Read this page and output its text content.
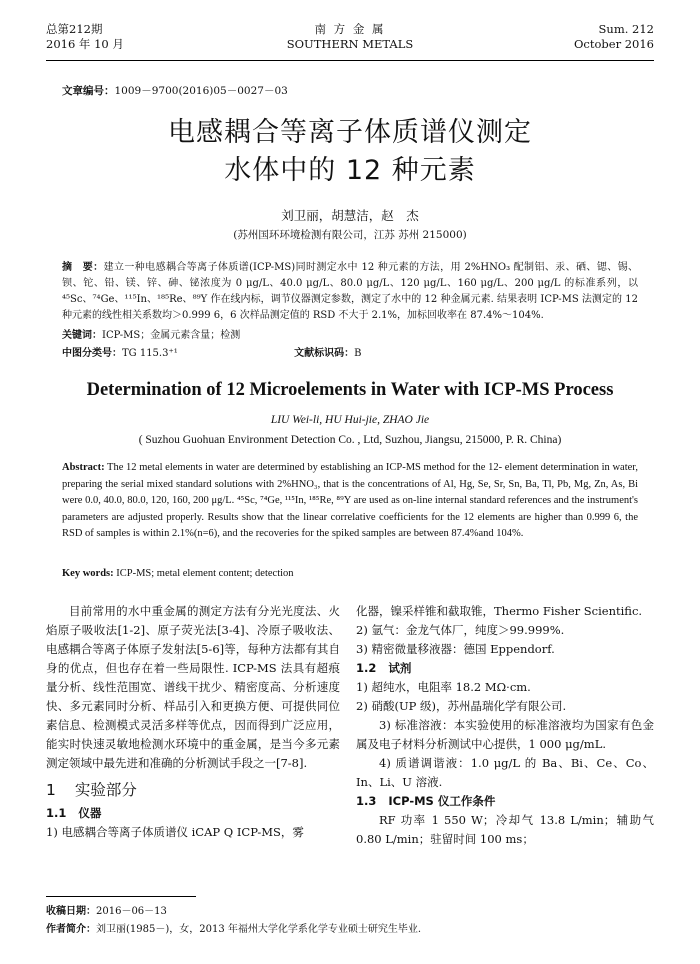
总第212期
2016 年 10 月
南 方 金 属
SOUTHERN METALS
Sum. 212
October 2016
文章编号：1009－9700(2016)05－0027－03
电感耦合等离子体质谱仪测定
水体中的 12 种元素
刘卫丽，胡慧洁，赵　杰
(苏州国环环境检测有限公司，江苏 苏州 215000)
摘　要：建立一种电感耦合等离子体质谱(ICP-MS)同时测定水中 12 种元素的方法，用 2%HNO₃ 配制铝、汞、硒、锶、锡、钡、铊、铅、镁、锌、砷、铋浓度为 0 μg/L、40.0 μg/L、80.0 μg/L、120 μg/L、160 μg/L、200 μg/L 的标准系列，以⁴⁵Sc、⁷⁴Ge、¹¹⁵In、¹⁸⁵Re、⁸⁹Y 作在线内标，调节仪器测定参数，测定了水中的 12 种金属元素. 结果表明 ICP-MS 法测定的 12 种元素的线性相关系数均＞0.999 6，6 次样品测定值的 RSD 不大于 2.1%，加标回收率在 87.4%～104%.
关键词：ICP-MS；金属元素含量；检测
中图分类号：TG 115.3⁺¹	文献标识码：B
Determination of 12 Microelements in Water with ICP-MS Process
LIU Wei-li, HU Hui-jie, ZHAO Jie
( Suzhou Guohuan Environment Detection Co. , Ltd, Suzhou, Jiangsu, 215000, P. R. China)
Abstract: The 12 metal elements in water are determined by establishing an ICP-MS method for the 12- element determination in water, preparing the serial mixed standard solutions with 2%HNO₃, that is the concentrations of Al, Hg, Se, Sr, Sn, Ba, Tl, Pb, Mg, Zn, As, Bi were 0.0, 40.0, 80.0, 120, 160, 200 μg/L. ⁴⁵Sc, ⁷⁴Ge, ¹¹⁵In, ¹⁸⁵Re, ⁸⁹Y are used as on-line internal standard references and the instrument's parameters are adjusted properly. Results show that the linear correlative coefficients for the 12 elements are higher than 0.999 6, the RSD of samples is within 2.1%(n=6), and the recoveries for the spiked samples are between 87.4%and 104%.
Key words: ICP-MS; metal element content; detection

目前常用的水中重金属的测定方法有分光光度法、火焰原子吸收法[1-2]、原子荧光法[3-4]、冷原子吸收法、电感耦合等离子体原子发射法[5-6]等，每种方法都有其自身的优点，但也存在着一些局限性. ICP-MS 法具有超痕量分析、线性范围宽、谱线干扰少、精密度高、分析速度快、多元素同时分析、样品引入和更换方便、可提供同位素信息、检测模式灵活多样等优点，因而得到广泛应用，能实时快速灵敏地检测水环境中的重金属，是当今多元素测定领域中最先进和准确的分析测试手段之一[7-8].

1 实验部分
1.1 仪器

1) 电感耦合等离子体质谱仪 iCAP Q ICP-MS，雾

化器，镍采样锥和截取锥，Thermo Fisher Scientific.

2) 氩气：金龙气体厂，纯度＞99.999%.

3) 精密微量移液器：德国 Eppendorf.

1.2 试剂

1) 超纯水，电阻率 18.2 MΩ·cm.

2) 硝酸(UP 级)，苏州晶瑞化学有限公司.

3) 标准溶液：本实验使用的标准溶液均为国家有色金属及电子材料分析测试中心提供，1 000 μg/mL.

4) 质谱调谐液：1.0 μg/L 的 Ba、Bi、Ce、Co、In、Li、U 溶液.

1.3 ICP-MS 仪工作条件

RF 功率 1 550 W；冷却气 13.8 L/min；辅助气 0.80 L/min；驻留时间 100 ms；

收稿日期：2016－06－13
作者简介：刘卫丽(1985－)，女，2013 年福州大学化学系化学专业硕士研究生毕业.
